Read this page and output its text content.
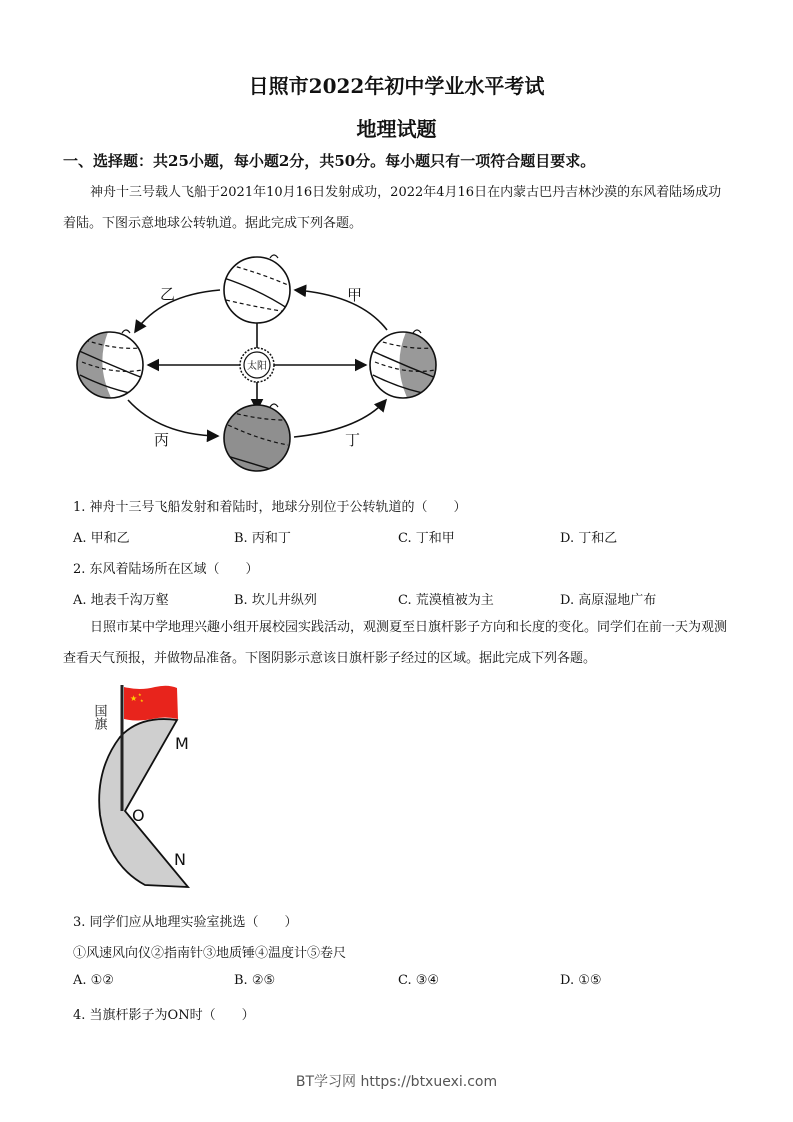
日照市2022年初中学业水平考试
地理试题
一、选择题：共25小题，每小题2分，共50分。每小题只有一项符合题目要求。
神舟十三号载人飞船于2021年10月16日发射成功，2022年4月16日在内蒙古巴丹吉林沙漠的东风着陆场成功着陆。下图示意地球公转轨道。据此完成下列各题。
太阳
乙	甲
丙	丁
1. 神舟十三号飞船发射和着陆时，地球分别位于公转轨道的（　　）
A. 甲和乙	B. 丙和丁	C. 丁和甲	D. 丁和乙
2. 东风着陆场所在区域（　　）
A. 地表千沟万壑	B. 坎儿井纵列	C. 荒漠植被为主	D. 高原湿地广布
日照市某中学地理兴趣小组开展校园实践活动，观测夏至日旗杆影子方向和长度的变化。同学们在前一天为观测查看天气预报，并做物品准备。下图阴影示意该日旗杆影子经过的区域。据此完成下列各题。
★ ★
★
国旗
M
O
N
3. 同学们应从地理实验室挑选（　　）
①风速风向仪②指南针③地质锤④温度计⑤卷尺
A. ①②	B. ②⑤	C. ③④	D. ①⑤
4. 当旗杆影子为ON时（　　）
BT学习网 https://btxuexi.com
